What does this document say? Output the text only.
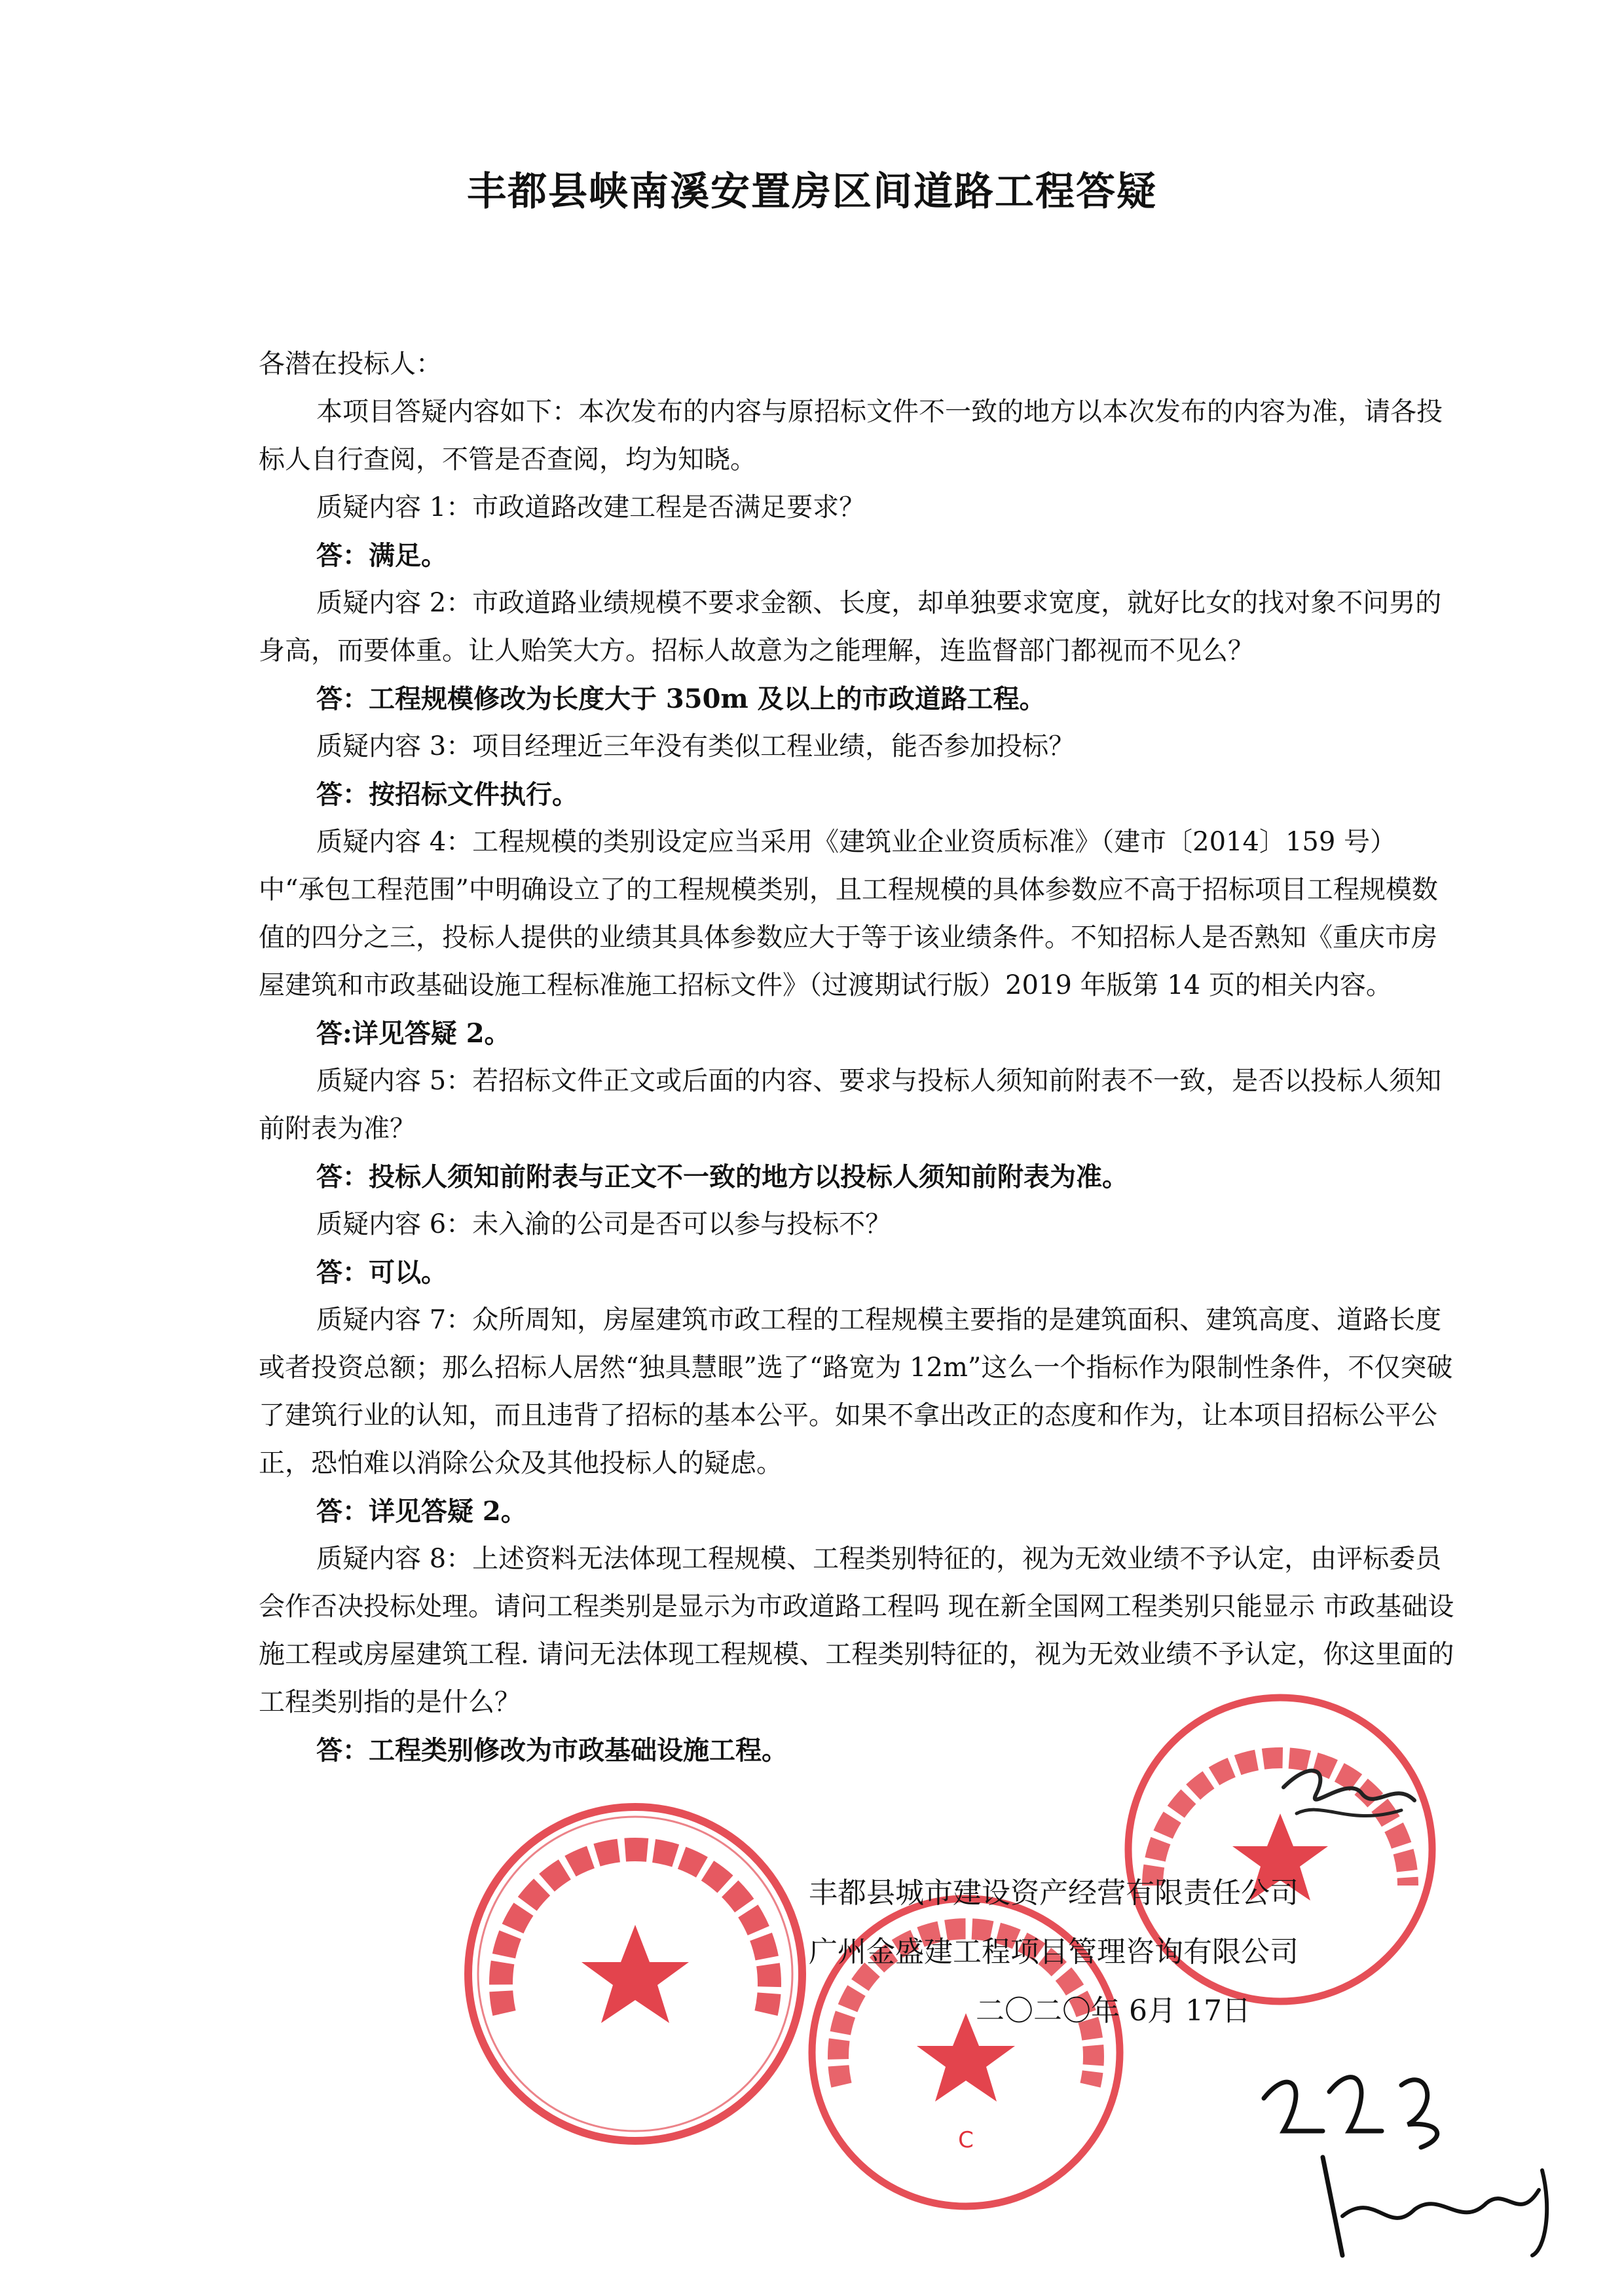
丰都县峡南溪安置房区间道路工程答疑

各潜在投标人：

本项目答疑内容如下：本次发布的内容与原招标文件不一致的地方以本次发布的内容为准，请各投标人自行查阅，不管是否查阅，均为知晓。

质疑内容 1：市政道路改建工程是否满足要求？

答：满足。

质疑内容 2：市政道路业绩规模不要求金额、长度，却单独要求宽度，就好比女的找对象不问男的身高，而要体重。让人贻笑大方。招标人故意为之能理解，连监督部门都视而不见么？

答：工程规模修改为长度大于 350m 及以上的市政道路工程。

质疑内容 3：项目经理近三年没有类似工程业绩，能否参加投标？

答：按招标文件执行。

质疑内容 4：工程规模的类别设定应当采用《建筑业企业资质标准》（建市〔2014〕159 号）中“承包工程范围”中明确设立了的工程规模类别，且工程规模的具体参数应不高于招标项目工程规模数值的四分之三，投标人提供的业绩其具体参数应大于等于该业绩条件。不知招标人是否熟知《重庆市房屋建筑和市政基础设施工程标准施工招标文件》（过渡期试行版）2019 年版第 14 页的相关内容。

答:详见答疑 2。

质疑内容 5：若招标文件正文或后面的内容、要求与投标人须知前附表不一致，是否以投标人须知前附表为准？

答：投标人须知前附表与正文不一致的地方以投标人须知前附表为准。

质疑内容 6：未入渝的公司是否可以参与投标不？

答：可以。

质疑内容 7：众所周知，房屋建筑市政工程的工程规模主要指的是建筑面积、建筑高度、道路长度或者投资总额；那么招标人居然“独具慧眼”选了“路宽为 12m”这么一个指标作为限制性条件，不仅突破了建筑行业的认知，而且违背了招标的基本公平。如果不拿出改正的态度和作为，让本项目招标公平公正，恐怕难以消除公众及其他投标人的疑虑。

答：详见答疑 2。

质疑内容 8：上述资料无法体现工程规模、工程类别特征的，视为无效业绩不予认定，由评标委员会作否决投标处理。请问工程类别是显示为市政道路工程吗 现在新全国网工程类别只能显示 市政基础设施工程或房屋建筑工程. 请问无法体现工程规模、工程类别特征的，视为无效业绩不予认定，你这里面的工程类别指的是什么？

答：工程类别修改为市政基础设施工程。

C
丰都县城市建设资产经营有限责任公司
广州金盛建工程项目管理咨询有限公司
二〇二〇年 6月 17日
